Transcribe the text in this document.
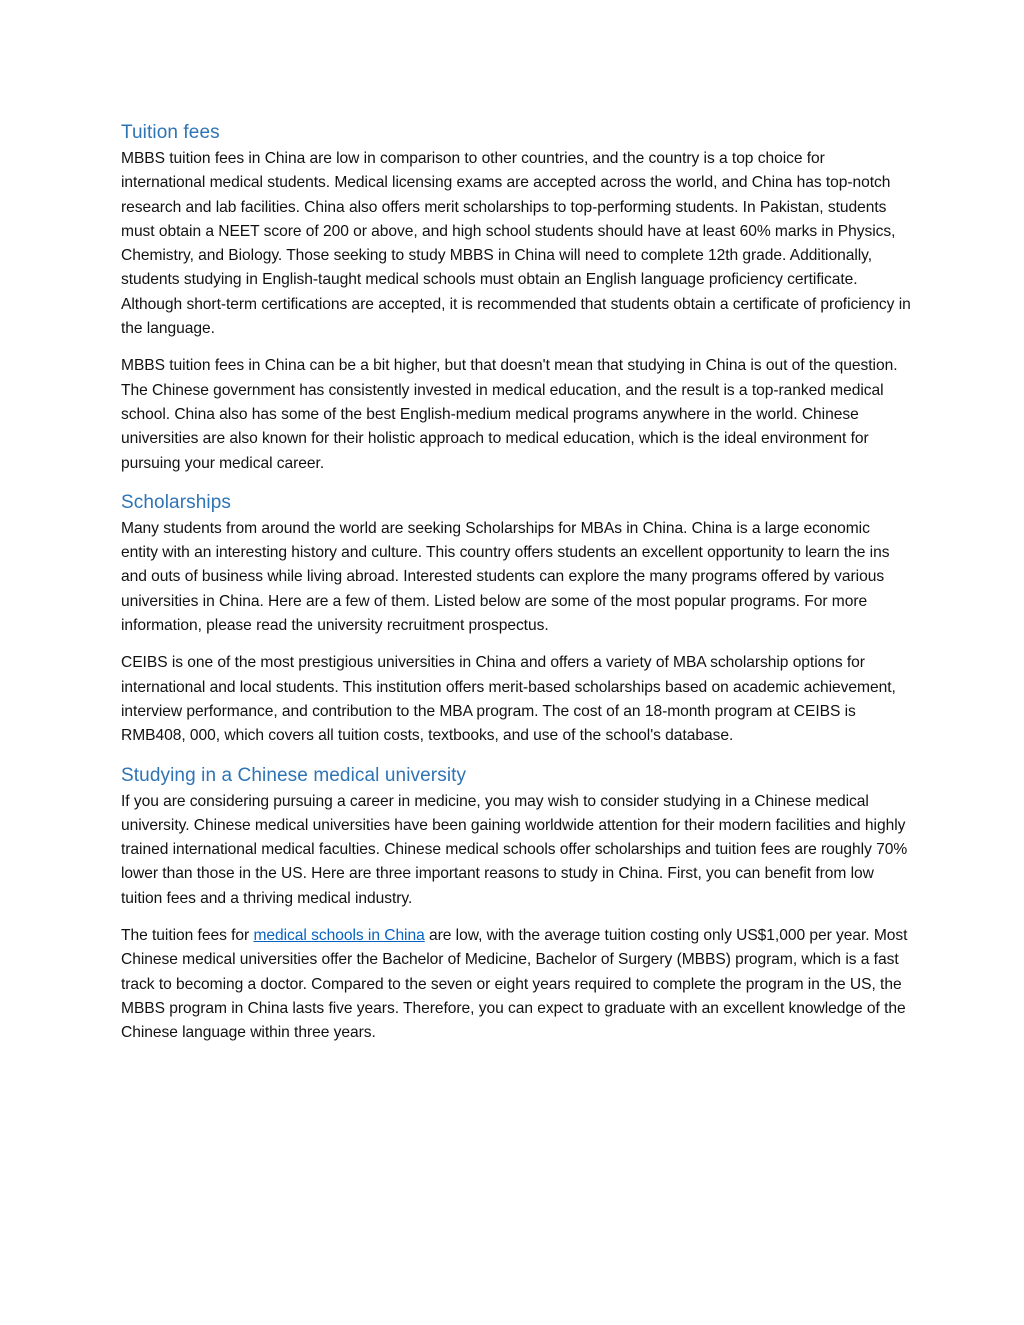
Tuition fees

MBBS tuition fees in China are low in comparison to other countries, and the country is a top choice for international medical students. Medical licensing exams are accepted across the world, and China has top-notch research and lab facilities. China also offers merit scholarships to top-performing students. In Pakistan, students must obtain a NEET score of 200 or above, and high school students should have at least 60% marks in Physics, Chemistry, and Biology. Those seeking to study MBBS in China will need to complete 12th grade. Additionally, students studying in English-taught medical schools must obtain an English language proficiency certificate. Although short-term certifications are accepted, it is recommended that students obtain a certificate of proficiency in the language.

MBBS tuition fees in China can be a bit higher, but that doesn't mean that studying in China is out of the question. The Chinese government has consistently invested in medical education, and the result is a top-ranked medical school. China also has some of the best English-medium medical programs anywhere in the world. Chinese universities are also known for their holistic approach to medical education, which is the ideal environment for pursuing your medical career.

Scholarships

Many students from around the world are seeking Scholarships for MBAs in China. China is a large economic entity with an interesting history and culture. This country offers students an excellent opportunity to learn the ins and outs of business while living abroad. Interested students can explore the many programs offered by various universities in China. Here are a few of them. Listed below are some of the most popular programs. For more information, please read the university recruitment prospectus.

CEIBS is one of the most prestigious universities in China and offers a variety of MBA scholarship options for international and local students. This institution offers merit-based scholarships based on academic achievement, interview performance, and contribution to the MBA program. The cost of an 18-month program at CEIBS is RMB408, 000, which covers all tuition costs, textbooks, and use of the school's database.

Studying in a Chinese medical university

If you are considering pursuing a career in medicine, you may wish to consider studying in a Chinese medical university. Chinese medical universities have been gaining worldwide attention for their modern facilities and highly trained international medical faculties. Chinese medical schools offer scholarships and tuition fees are roughly 70% lower than those in the US. Here are three important reasons to study in China. First, you can benefit from low tuition fees and a thriving medical industry.

The tuition fees for medical schools in China are low, with the average tuition costing only US$1,000 per year. Most Chinese medical universities offer the Bachelor of Medicine, Bachelor of Surgery (MBBS) program, which is a fast track to becoming a doctor. Compared to the seven or eight years required to complete the program in the US, the MBBS program in China lasts five years. Therefore, you can expect to graduate with an excellent knowledge of the Chinese language within three years.
